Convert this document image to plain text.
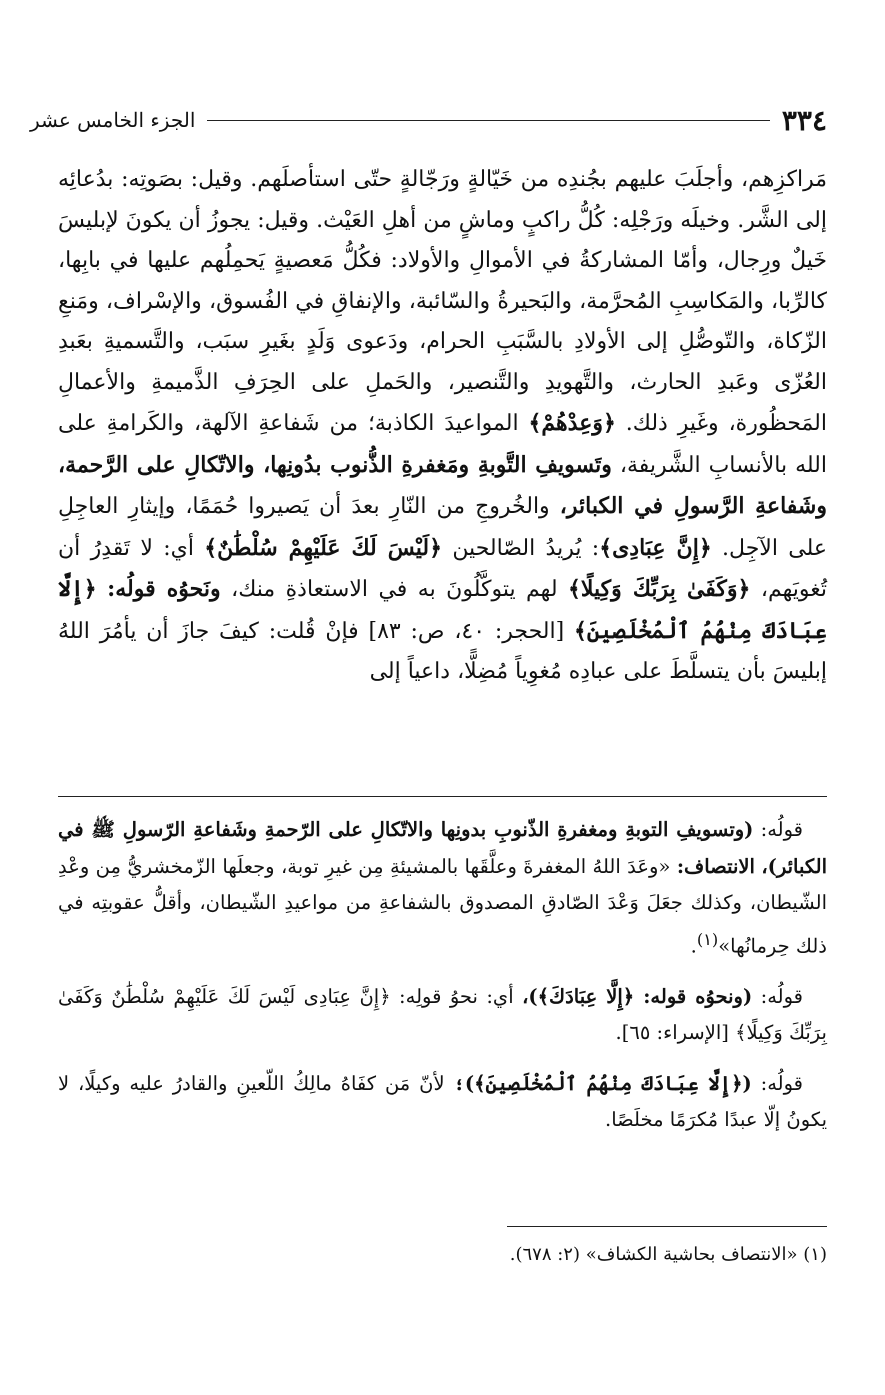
٣٣٤
الجزء الخامس عشر

مَراكزِهم، وأجلَبَ عليهم بجُندِه من خَيّالةٍ ورَجّالةٍ حتّى استأصلَهم. وقيل: بصَوتِه: بدُعائِه إلى الشَّر. وخيلَه ورَجْلِه: كُلُّ راكبٍ وماشٍ من أهلِ العَيْث. وقيل: يجوزُ أن يكونَ لإبليسَ خَيلٌ ورِجال، وأمّا المشاركةُ في الأموالِ والأولاد: فكُلُّ مَعصيةٍ يَحمِلُهم عليها في بابِها، كالرِّبا، والمَكاسِبِ المُحرَّمة، والبَحيرةُ والسّائبة، والإنفاقِ في الفُسوق، والإسْراف، ومَنعِ الزّكاة، والتّوصُّلِ إلى الأولادِ بالسَّبَبِ الحرام، ودَعوى وَلَدٍ بغَيرِ سبَب، والتَّسميةِ بعَبدِ العُزّى وعَبدِ الحارث، والتَّهويدِ والتَّنصير، والحَملِ على الحِرَفِ الذَّميمةِ والأعمالِ المَحظُورة، وغَيرِ ذلك. ﴿وَعِدْهُمْ﴾ المواعيدَ الكاذبة؛ من شَفاعةِ الآلهة، والكَرامةِ على الله بالأنسابِ الشَّريفة، وتَسويفِ التَّوبةِ ومَغفرةِ الذُّنوب بدُونِها، والاتّكالِ على الرَّحمة، وشَفاعةِ الرَّسولِ في الكبائر، والخُروجِ من النّارِ بعدَ أن يَصيروا حُمَمًا، وإيثارِ العاجِلِ على الآجِل. ﴿إِنَّ عِبَادِى﴾: يُريدُ الصّالحين ﴿لَيْسَ لَكَ عَلَيْهِمْ سُلْطَٰنٌ﴾ أي: لا تَقدِرُ أن تُغويَهم، ﴿وَكَفَىٰ بِرَبِّكَ وَكِيلًا﴾ لهم يتوكَّلُونَ به في الاستعاذةِ منك، ونَحوُه قولُه: ﴿إِلَّا عِبَادَكَ مِنْهُمُ ٱلْمُخْلَصِينَ﴾ [الحجر: ٤٠، ص: ٨٣] فإنْ قُلت: كيفَ جازَ أن يأمُرَ اللهُ إبليسَ بأن يتسلَّطَ على عبادِه مُغوِياً مُضِلًّا، داعياً إلى

قولُه: (وتسويفِ التوبةِ ومغفرةِ الذّنوبِ بدونِها والاتّكالِ على الرّحمةِ وشَفاعةِ الرّسولِ ﷺ في الكبائر)، الانتصاف: «وعَدَ اللهُ المغفرةَ وعلَّقَها بالمشيئةِ مِن غيرِ توبة، وجعلَها الزّمخشريُّ مِن وعْدِ الشّيطان، وكذلك جعَلَ وَعْدَ الصّادقِ المصدوق بالشفاعةِ من مواعيدِ الشّيطان، وأقلُّ عقوبتِه في ذلك حِرمانُها»$^{(١)}$.

قولُه: (ونحوُه قوله: ﴿إِلَّا عِبَادَكَ﴾)، أي: نحوُ قولِه: ﴿إِنَّ عِبَادِى لَيْسَ لَكَ عَلَيْهِمْ سُلْطَٰنٌ وَكَفَىٰ بِرَبِّكَ وَكِيلًا﴾ [الإسراء: ٦٥].

قولُه: (﴿إِلَّا عِبَادَكَ مِنْهُمُ ٱلْمُخْلَصِينَ﴾)؛ لأنّ مَن كفَاهُ مالِكُ اللّعينِ والقادرُ عليه وكيلًا، لا يكونُ إلّا عبدًا مُكرَمًا مخلَصًا.

(١) «الانتصاف بحاشية الكشاف» (٢: ٦٧٨).
